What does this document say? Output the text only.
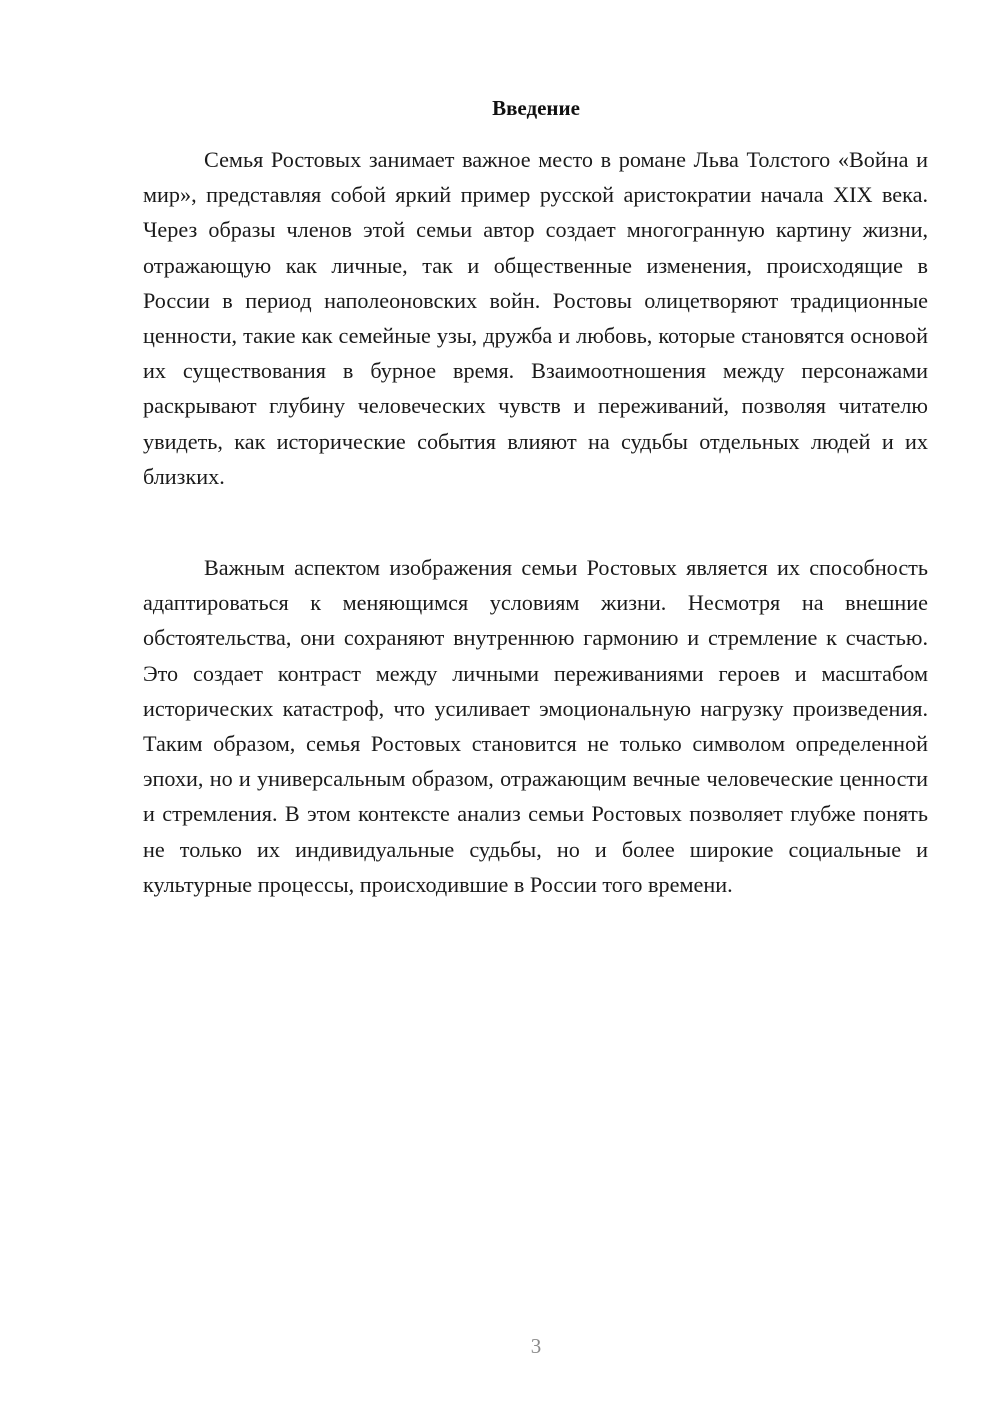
Введение

Семья Ростовых занимает важное место в романе Льва Толстого «Война и мир», представляя собой яркий пример русской аристократии начала XIX века. Через образы членов этой семьи автор создает многогранную картину жизни, отражающую как личные, так и общественные изменения, происходящие в России в период наполеоновских войн. Ростовы олицетворяют традиционные ценности, такие как семейные узы, дружба и любовь, которые становятся основой их существования в бурное время. Взаимоотношения между персонажами раскрывают глубину человеческих чувств и переживаний, позволяя читателю увидеть, как исторические события влияют на судьбы отдельных людей и их близких.

Важным аспектом изображения семьи Ростовых является их способность адаптироваться к меняющимся условиям жизни. Несмотря на внешние обстоятельства, они сохраняют внутреннюю гармонию и стремление к счастью. Это создает контраст между личными переживаниями героев и масштабом исторических катастроф, что усиливает эмоциональную нагрузку произведения. Таким образом, семья Ростовых становится не только символом определенной эпохи, но и универсальным образом, отражающим вечные человеческие ценности и стремления. В этом контексте анализ семьи Ростовых позволяет глубже понять не только их индивидуальные судьбы, но и более широкие социальные и культурные процессы, происходившие в России того времени.

3
